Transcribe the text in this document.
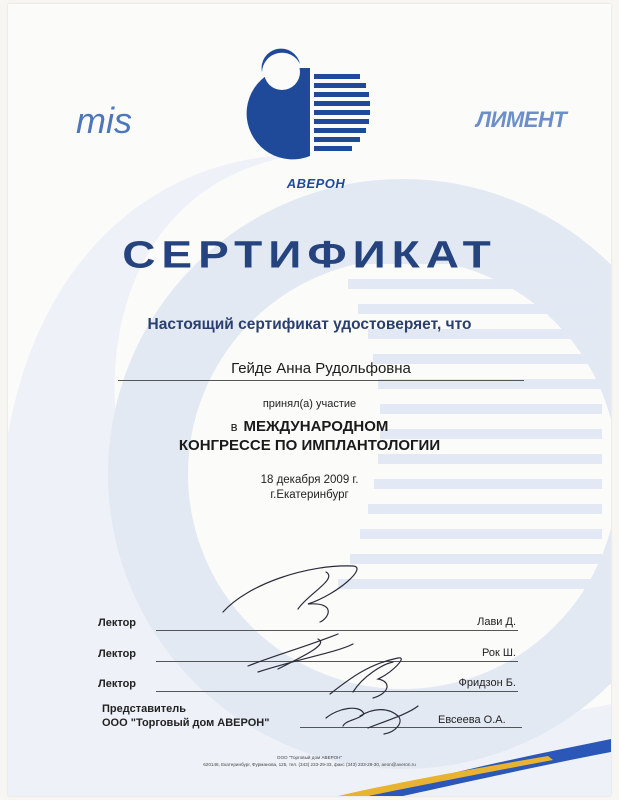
mis
АВЕРОН
ЛИМЕНТ
СЕРТИФИКАТ
Настоящий сертификат удостоверяет, что
Гейде Анна Рудольфовна
принял(а) участие
в МЕЖДУНАРОДНОМ
КОНГРЕССЕ ПО ИМПЛАНТОЛОГИИ
18 декабря 2009 г.
г.Екатеринбург
Лектор	Лави Д.
Лектор	Рок Ш.
Лектор	Фридзон Б.
Представитель
ООО "Торговый дом АВЕРОН"	Евсеева О.А.
ООО "Торговый дом АВЕРОН"
620146, Екатеринбург, Фурманова, 125, тел. (343) 233-29-33, факс (343) 233-29-30, aeon@averon.ru
